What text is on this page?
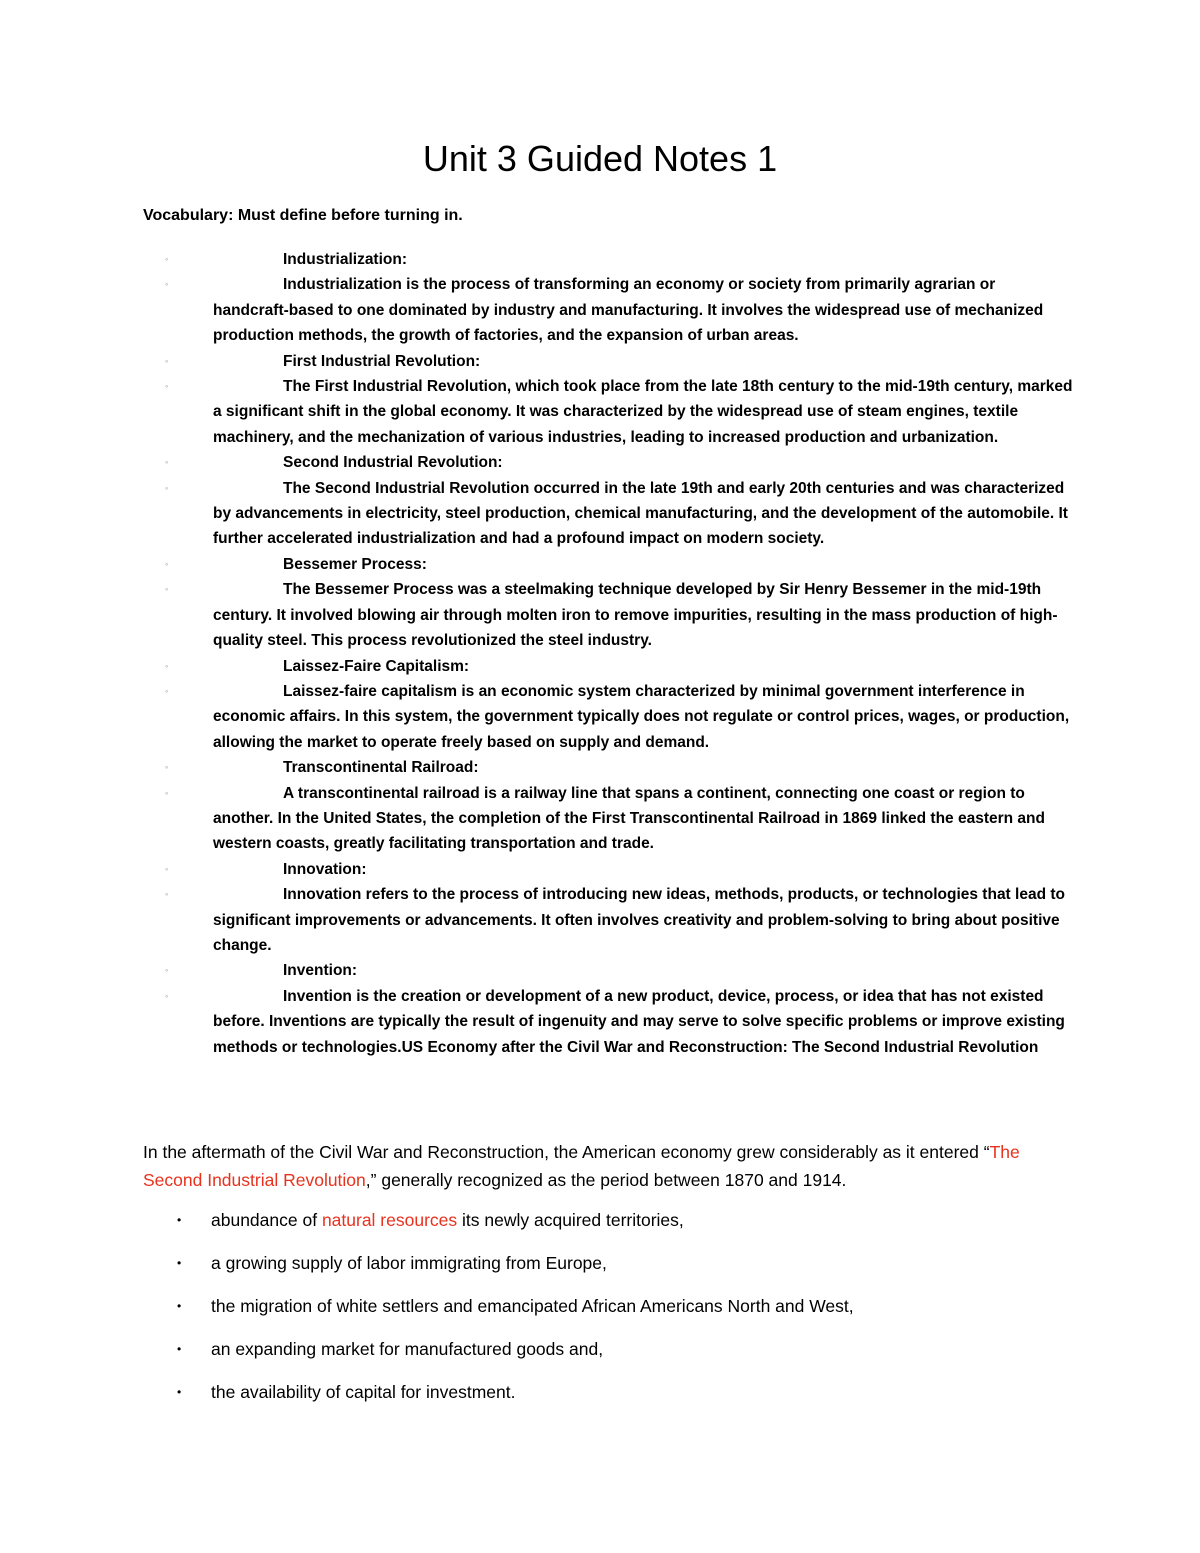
Unit 3 Guided Notes 1
Vocabulary: Must define before turning in.
◦	Industrialization:
◦	Industrialization is the process of transforming an economy or society from primarily agrarian or handcraft-based to one dominated by industry and manufacturing. It involves the widespread use of mechanized production methods, the growth of factories, and the expansion of urban areas.
◦	First Industrial Revolution:
◦	The First Industrial Revolution, which took place from the late 18th century to the mid-19th century, marked a significant shift in the global economy. It was characterized by the widespread use of steam engines, textile machinery, and the mechanization of various industries, leading to increased production and urbanization.
◦	Second Industrial Revolution:
◦	The Second Industrial Revolution occurred in the late 19th and early 20th centuries and was characterized by advancements in electricity, steel production, chemical manufacturing, and the development of the automobile. It further accelerated industrialization and had a profound impact on modern society.
◦	Bessemer Process:
◦	The Bessemer Process was a steelmaking technique developed by Sir Henry Bessemer in the mid-19th century. It involved blowing air through molten iron to remove impurities, resulting in the mass production of high-quality steel. This process revolutionized the steel industry.
◦	Laissez-Faire Capitalism:
◦	Laissez-faire capitalism is an economic system characterized by minimal government interference in economic affairs. In this system, the government typically does not regulate or control prices, wages, or production, allowing the market to operate freely based on supply and demand.
◦	Transcontinental Railroad:
◦	A transcontinental railroad is a railway line that spans a continent, connecting one coast or region to another. In the United States, the completion of the First Transcontinental Railroad in 1869 linked the eastern and western coasts, greatly facilitating transportation and trade.
◦	Innovation:
◦	Innovation refers to the process of introducing new ideas, methods, products, or technologies that lead to significant improvements or advancements. It often involves creativity and problem-solving to bring about positive change.
◦	Invention:
◦	Invention is the creation or development of a new product, device, process, or idea that has not existed before. Inventions are typically the result of ingenuity and may serve to solve specific problems or improve existing methods or technologies.US Economy after the Civil War and Reconstruction: The Second Industrial Revolution
In the aftermath of the Civil War and Reconstruction, the American economy grew considerably as it entered “The Second Industrial Revolution,” generally recognized as the period between 1870 and 1914.
• abundance of natural resources its newly acquired territories,
• a growing supply of labor immigrating from Europe,
• the migration of white settlers and emancipated African Americans North and West,
• an expanding market for manufactured goods and,
• the availability of capital for investment.
